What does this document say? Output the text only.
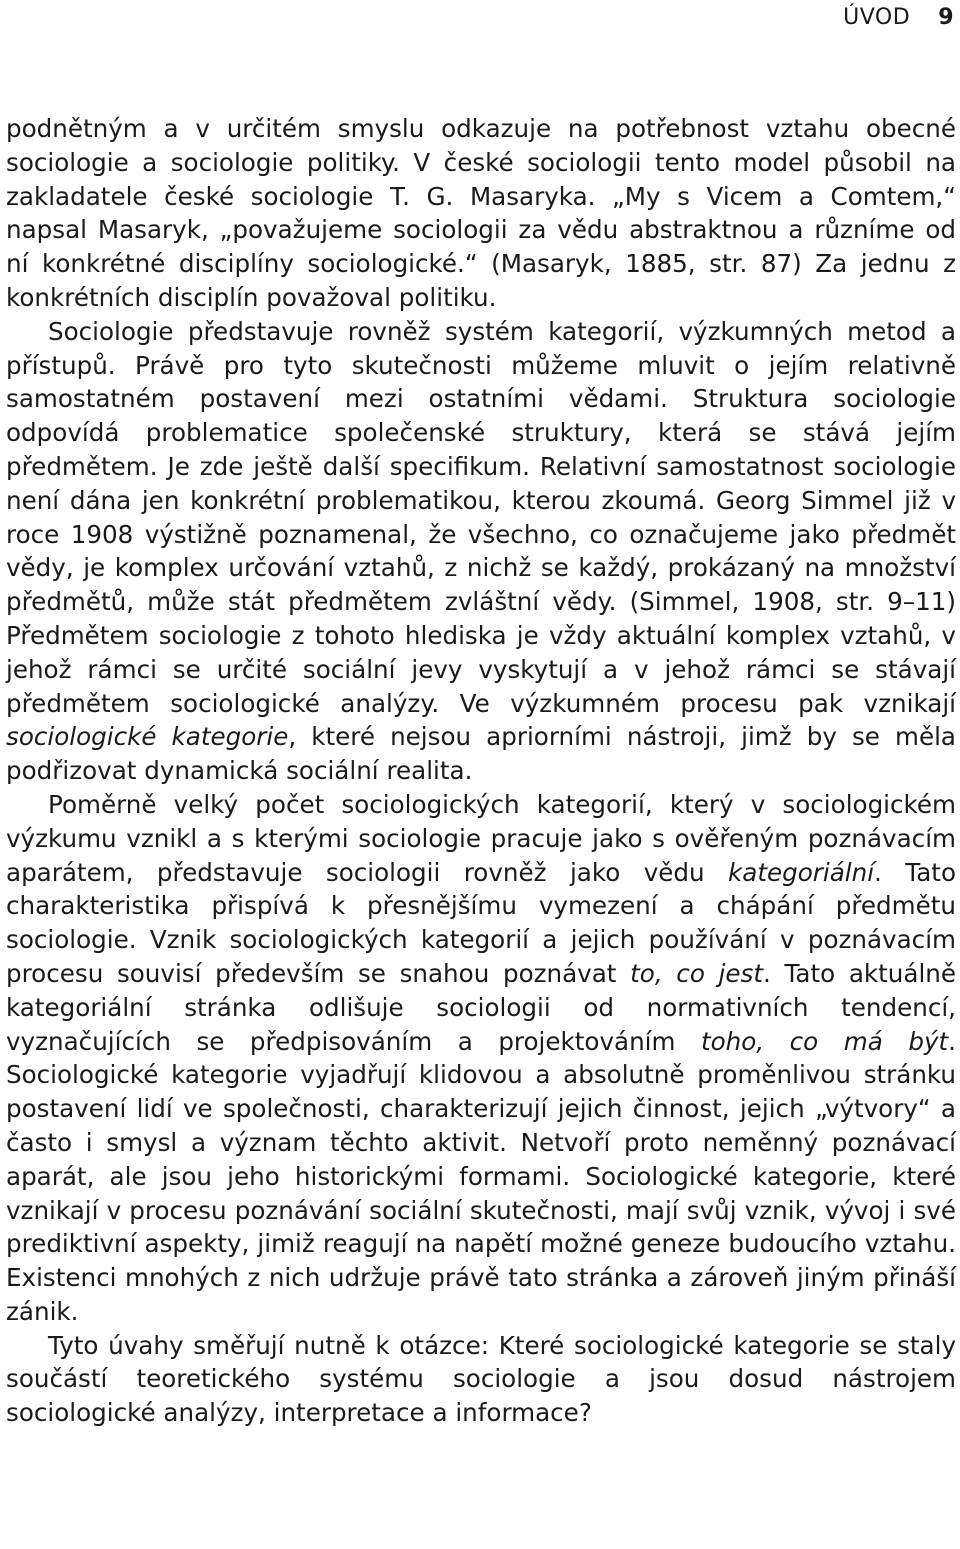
ÚVOD 9

podnětným a v určitém smyslu odkazuje na potřebnost vztahu obecné sociologie a sociologie politiky. V české sociologii tento model působil na zakladatele české sociologie T. G. Masaryka. „My s Vicem a Comtem,“ napsal Masaryk, „považujeme sociologii za vědu abstraktnou a různíme od ní konkrétné disciplíny sociologické.“ (Masaryk, 1885, str. 87) Za jednu z konkrétních disciplín považoval politiku.

Sociologie představuje rovněž systém kategorií, výzkumných metod a přístupů. Právě pro tyto skutečnosti můžeme mluvit o jejím relativně samostatném postavení mezi ostatními vědami. Struktura sociologie odpovídá problematice společenské struktury, která se stává jejím předmětem. Je zde ještě další specifikum. Relativní samostatnost sociologie není dána jen konkrétní problematikou, kterou zkoumá. Georg Simmel již v roce 1908 výstižně poznamenal, že všechno, co označujeme jako předmět vědy, je komplex určování vztahů, z nichž se každý, prokázaný na množství předmětů, může stát předmětem zvláštní vědy. (Simmel, 1908, str. 9–11) Předmětem sociologie z tohoto hlediska je vždy aktuální komplex vztahů, v jehož rámci se určité sociální jevy vyskytují a v jehož rámci se stávají předmětem sociologické analýzy. Ve výzkumném procesu pak vznikají sociologické kategorie, které nejsou apriorními nástroji, jimž by se měla podřizovat dynamická sociální realita.

Poměrně velký počet sociologických kategorií, který v sociologickém výzkumu vznikl a s kterými sociologie pracuje jako s ověřeným poznávacím aparátem, představuje sociologii rovněž jako vědu kategoriální. Tato charakteristika přispívá k přesnějšímu vymezení a chápání předmětu sociologie. Vznik sociologických kategorií a jejich používání v poznávacím procesu souvisí především se snahou poznávat to, co jest. Tato aktuálně kategoriální stránka odlišuje sociologii od normativních tendencí, vyznačujících se předpisováním a projektováním toho, co má být. Sociologické kategorie vyjadřují klidovou a absolutně proměnlivou stránku postavení lidí ve společnosti, charakterizují jejich činnost, jejich „výtvory“ a často i smysl a význam těchto aktivit. Netvoří proto neměnný poznávací aparát, ale jsou jeho historickými formami. Sociologické kategorie, které vznikají v procesu poznávání sociální skutečnosti, mají svůj vznik, vývoj i své prediktivní aspekty, jimiž reagují na napětí možné geneze budoucího vztahu. Existenci mnohých z nich udržuje právě tato stránka a zároveň jiným přináší zánik.

Tyto úvahy směřují nutně k otázce: Které sociologické kategorie se staly součástí teoretického systému sociologie a jsou dosud nástrojem sociologické analýzy, interpretace a informace?
